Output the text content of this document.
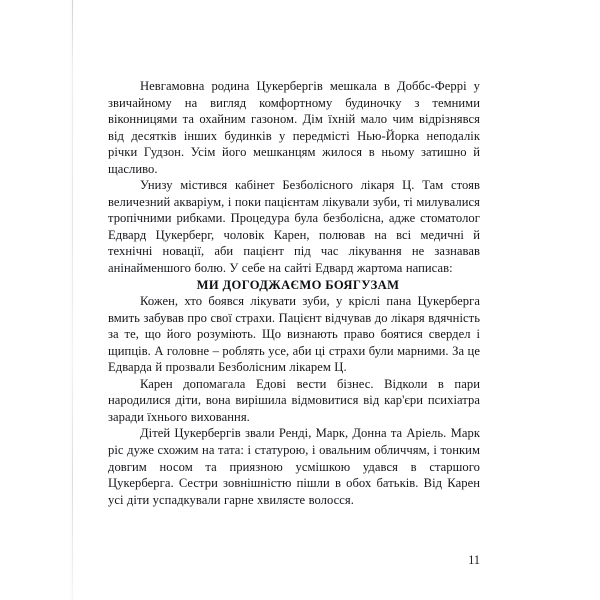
Невгамовна родина Цукербергів мешкала в Доббс-Феррі у звичайному на вигляд комфортному будиночку з темними віконницями та охайним газоном. Дім їхній мало чим відрізнявся від десятків інших будинків у передмісті Нью-Йорка неподалік річки Гудзон. Усім його мешканцям жилося в ньому затишно й щасливо.

Унизу містився кабінет Безболісного лікаря Ц. Там стояв величезний акваріум, і поки пацієнтам лікували зуби, ті милувалися тропічними рибками. Процедура була безболісна, адже стоматолог Едвард Цукерберг, чоловік Карен, полював на всі медичні й технічні новації, аби пацієнт під час лікування не зазнавав анінайменшого болю. У себе на сайті Едвард жартома написав:

МИ ДОГОДЖАЄМО БОЯГУЗАМ

Кожен, хто боявся лікувати зуби, у кріслі пана Цукерберга вмить забував про свої страхи. Пацієнт відчував до лікаря вдячність за те, що його розуміють. Що визнають право боятися свердел і щипців. А головне – роблять усе, аби ці страхи були марними. За це Едварда й прозвали Безболісним лікарем Ц.

Карен допомагала Едові вести бізнес. Відколи в пари народилися діти, вона вирішила відмовитися від кар'єри психіатра заради їхнього виховання.

Дітей Цукербергів звали Ренді, Марк, Донна та Аріель. Марк ріс дуже схожим на тата: і статурою, і овальним обличчям, і тонким довгим носом та приязною усмішкою удався в старшого Цукерберга. Сестри зовнішністю пішли в обох батьків. Від Карен усі діти успадкували гарне хвилясте волосся.

11
